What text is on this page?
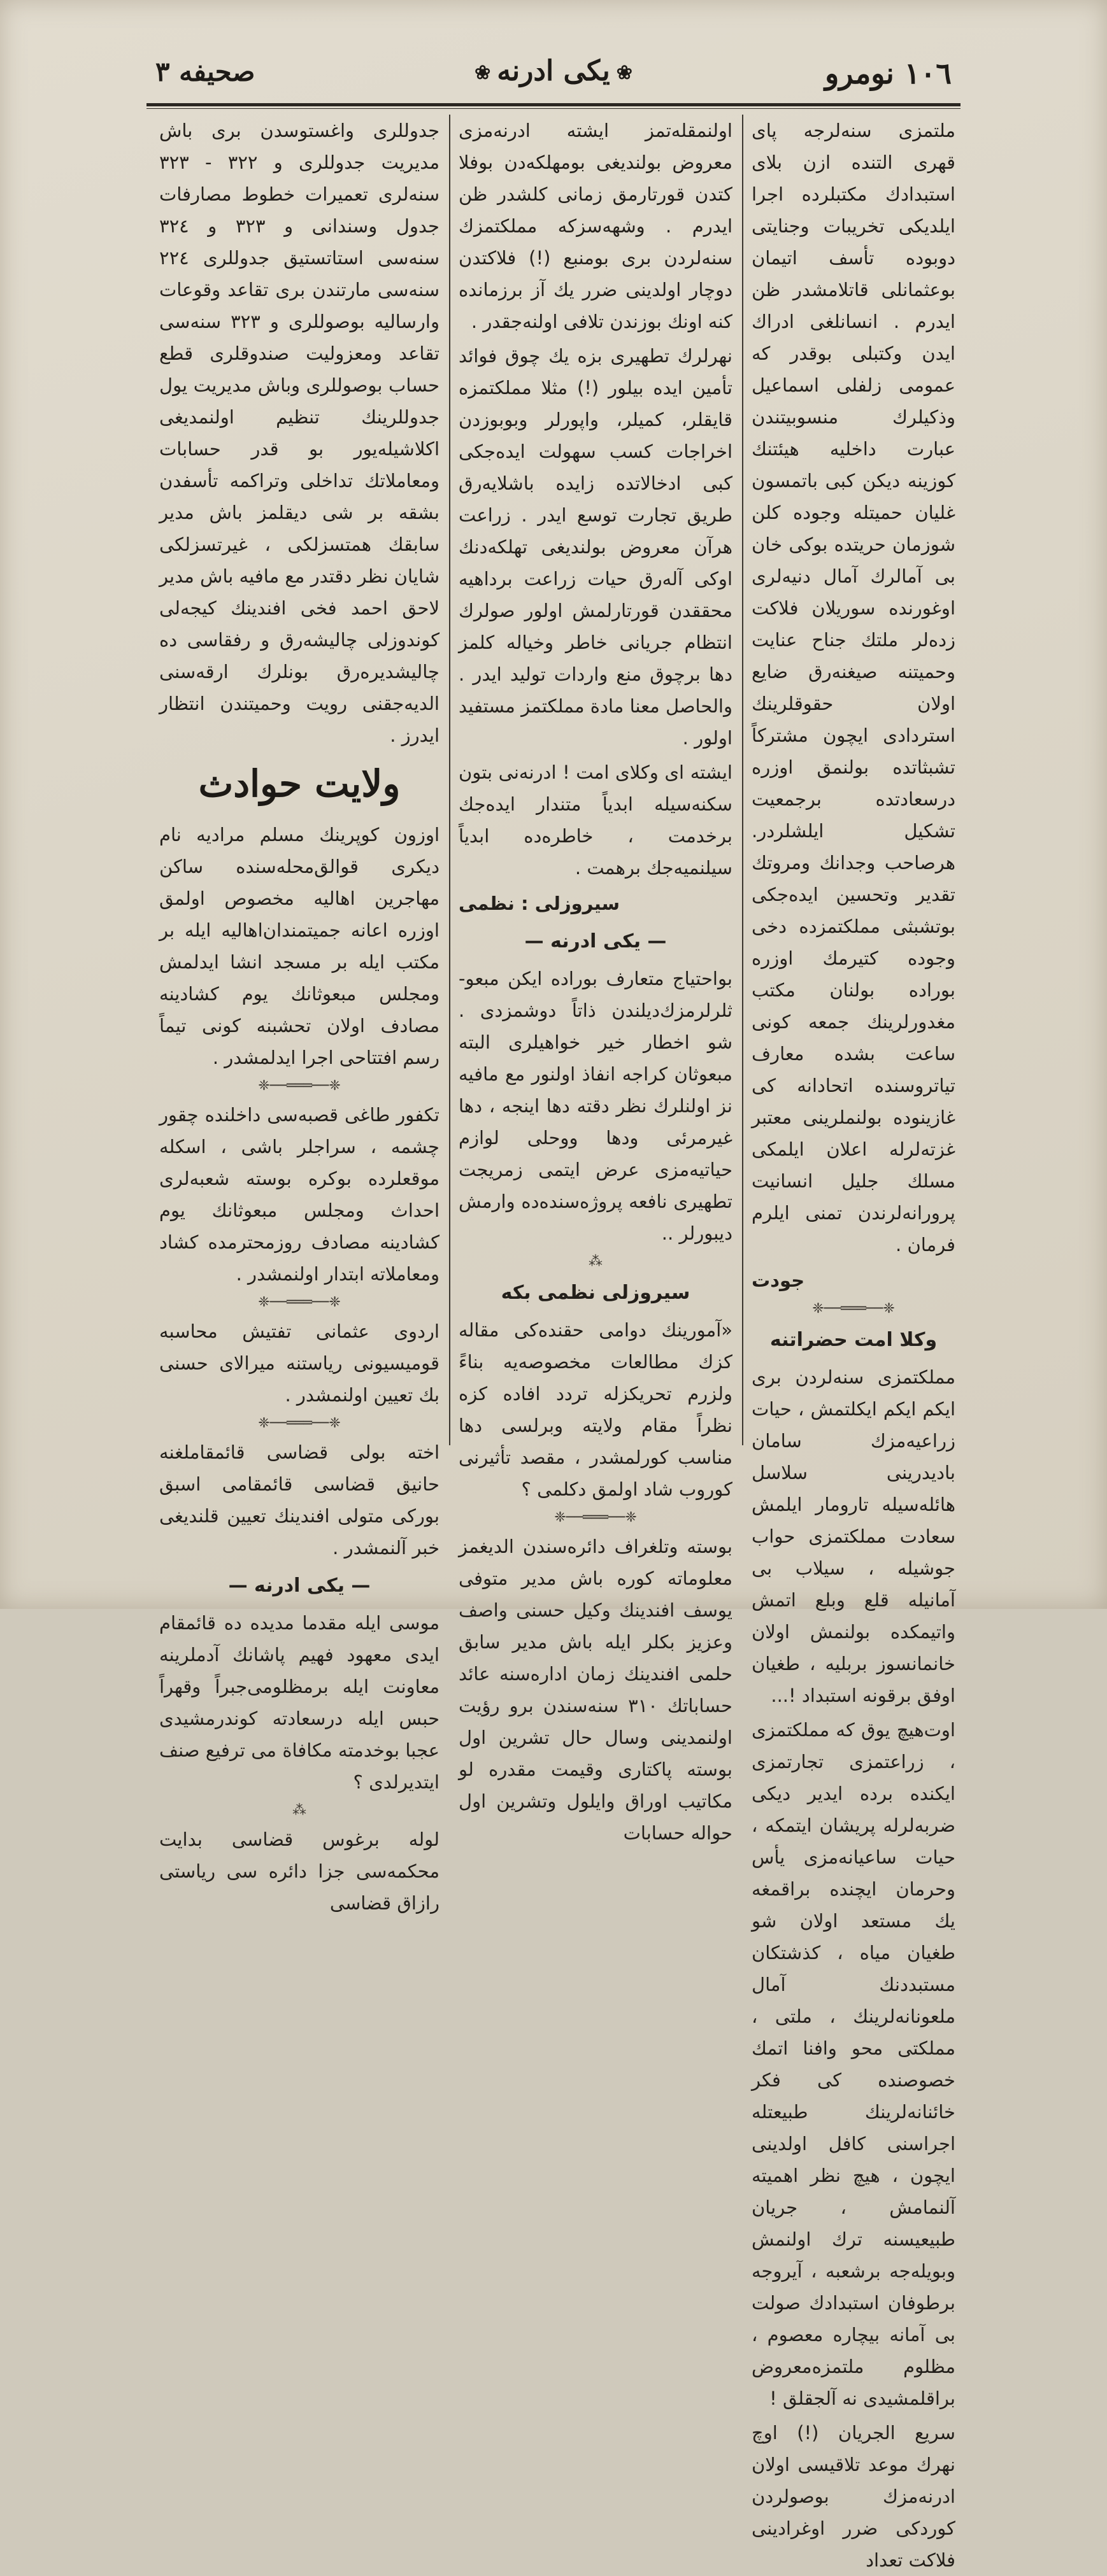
١٠٦ نومرو
❀يكى ادرنه❀
صحيفه ٣

ملتمزى سنه‌لرجه پاى قهرى التنده ازن بلاى استبدادك مكتبلرده اجرا ايلديكى تخريبات وجنايتى دوبوده تأسف اتيمان بوعثمانلى قاتلامشدر ظن ايدرم . انسانلغى ادراك ايدن وكتبلى بوقدر كه عمومى زلفلى اسماعيل وذكيلرك منسوبيتندن عبارت داخليه هيئتنك كوزينه ديكن كبى باتمسون غليان حميتله وجوده كلن شوزمان حريتده بوكى خان بى آمالرك آمال دنيه‌لرى اوغورنده سوريلان فلاكت زده‌لر ملتك جناح عنايت وحميتنه صيغنه‌رق ضايع اولان حقوقلرينك استردادى ايچون مشتركاً تشبثاتده بولنمق اوزره درسعادتده برجمعيت تشكيل ايلشلردر. هرصاحب وجدانك ومروتك تقدير وتحسين ايده‌جكى بوتشبثى مملكتمزده دخى وجوده كتيرمك اوزره بوراده بولنان مكتب مغدورلرينك جمعه كونى ساعت بشده معارف تياتروسنده اتحادانه كى غازينوده بولنملرينى معتبر غزته‌لرله اعلان ايلمكى مسلك جليل انسانيت پرورانه‌لرندن تمنى ايلرم فرمان .

جودت
❈──═══──❈
وكلا امت حضراتنه

مملكتمزى سنه‌لردن برى ايكم ايكم ايكلتمش ، حيات زراعيه‌مزك سامان باديدرينى سلاسل هائله‌سيله تارومار ايلمش سعادت مملكتمزى حواب جوشيله ، سيلاب بى آمانيله قلع وبلع اتمش واتيمكده بولنمش اولان خانمانسوز بربليه ، طغيان اوفق برقونه استبداد !...

اوت‌هيچ يوق كه مملكتمزى ، زراعتمزى تجارتمزى ايكنده برده ايدير ديكى ضربه‌لرله پريشان ايتمكه ، حيات ساعيانه‌مزى يأس وحرمان ايچنده براقمغه يك مستعد اولان شو طغيان مياه ، كذشتكان مستبددنك آمال ملعونانه‌لرينك ، ملتى ، مملكتى محو وافنا اتمك خصوصنده كى فكر خائنانه‌لرينك طبيعتله اجراسنى كافل اولدينى ايچون ، هيچ نظر اهميته آلنمامش ، جريان طبيعيسنه ترك اولنمش وبويله‌جه برشعبه ، آيروجه برطوفان استبدادك صولت بى آمانه بيچاره معصوم ، مظلوم ملتمزه‌معروض براقلمشيدى نه آلجقلق !

سريع الجريان (!) اوچ نهرك موعد تلاقيسى اولان ادرنه‌مزك بوصولردن كوردكى ضرر اوغرادينى فلاكت تعداد

اولنمقله‌تمز ايشته ادرنه‌مزى معروض بولنديغى بومهلكه‌دن بوفلا كتدن قورتارمق زمانى كلشدر ظن ايدرم . وشهه‌سزكه مملكتمزك سنه‌لردن برى بومنبع (!) فلاكتدن دوچار اولدينى ضرر يك آز برزمانده كنه اونك بوزندن تلافى اولنه‌جقدر .

نهرلرك تطهيرى بزه يك چوق فوائد تأمين ايده بيلور (!) مثلا مملكتمزه قايقلر، كميلر، واپورلر وبوبوزدن اخراجات كسب سهولت ايده‌جكى كبى ادخالاتده زايده باشلايه‌رق طريق تجارت توسع ايدر . زراعت هرآن معروض بولنديغى تهلكه‌دنك اوكى آله‌رق حيات زراعت برداهيه محققدن قورتارلمش اولور صولرك انتظام جريانى خاطر وخياله كلمز دها برچوق منع واردات توليد ايدر . والحاصل معنا مادة مملكتمز مستفيد اولور .

ايشته اى وكلاى امت ! ادرنه‌نى بتون سكنه‌سيله ابدياً متندار ايده‌جك برخدمت ، خاطره‌ده ابدياً سيلنميه‌جك برهمت .

سيروزلى : نظمى
— يكى ادرنه —

بواحتياج متعارف بوراده ايكن مبعو- ثلرلرمزك‌ديلندن ذاتاً دوشمزدى . شو اخطار خير خواهيلرى البته مبعوثان كراجه انفاذ اولنور مع مافيه نز اولنلرك نظر دقته دها اينجه ، دها غيرمرئى ودها ووحلى لوازم حياتيه‌مزى عرض ايتمى زمريجت تطهيرى نافعه پروژه‌سنده‌ده وارمش ديبورلر ..

⁂
سيروزلى نظمى بكه

«آمورينك دوامى حقنده‌كى مقاله كزك مطالعات مخصوصه‌يه بناءً ولزرم تحريكزله تردد افاده كزه نظراً مقام ولايته وبرلسى دها مناسب كورلمشدر ، مقصد تأثيرنى كوروب شاد اولمق دكلمى ؟

❈──═══──❈

بوسته وتلغراف دائره‌سندن الديغمز معلوماته كوره باش مدير متوفى يوسف افندينك وكيل حسنى واصف وعزيز بكلر ايله باش مدير سابق حلمى افندينك زمان اداره‌سنه عائد حساباتك ٣١٠ سنه‌سندن برو رؤيت اولنمدينى وسال حال تشرين اول بوسته پاكتارى وقيمت مقدره لو مكاتيب اوراق وايلول وتشرين اول حواله حسابات

جدوللرى واغستوسدن برى باش مديريت جدوللرى و ٣٢٢ - ٣٢٣ سنه‌لرى تعميرات خطوط مصارفات جدول وسندانى و ٣٢٣ و ٣٢٤ سنه‌سى استاتستيق جدوللرى ٢٢٤ سنه‌سى مارتندن برى تقاعد وقوعات وارساليه بوصوللرى و ٣٢٣ سنه‌سى تقاعد ومعزوليت صندوقلرى قطع حساب بوصوللرى وباش مديريت يول جدوللرينك تنظيم اولنمديغى اكلاشيله‌يور بو قدر حسابات ومعاملاتك تداخلى وتراكمه تأسفدن بشقه بر شى ديقلمز باش مدير سابقك همتسزلكى ، غيرتسزلكى شايان نظر دقتدر مع مافيه باش مدير لاحق احمد فخى افندينك كيجه‌لى كوندوزلى چاليشه‌رق و رفقاسى ده چاليشديره‌رق بونلرك ارقه‌سنى الديه‌جقنى رويت وحميتندن انتظار ايدرز .

ولايت حوادث

اوزون كوپرينك مسلم مراديه نام ديكرى قوالق‌محله‌سنده ساكن مهاجرين اهاليه مخصوص اولمق اوزره اعانه‌ جميتمندان‌اهاليه ايله بر مكتب ايله بر مسجد انشا ايدلمش ومجلس مبعوثانك يوم كشادينه مصادف اولان تحشبنه كونى تيماً رسم افتتاحى اجرا ايدلمشدر .

❈──═══──❈

تكفور طاغى قصبه‌سى داخلنده چقور چشمه ، سراجلر باشى ، اسكله موقعلرده بوكره بوسته شعبه‌لرى احداث ومجلس مبعوثانك يوم كشادينه مصادف روزمحترمده كشاد ومعاملاته ابتدار اولنمشدر .

❈──═══──❈

اردوى عثمانى‌ تفتيش محاسبه قوميسيونى رياستنه ميرالاى حسنى بك تعيين اولنمشدر .

❈──═══──❈

اخته بولى قضاسى قائمقاملغنه حانيق قضاسى قائمقامى اسبق بوركى متولى افندينك تعيين قلنديغى خبر آلنمشدر .

— يكى ادرنه —

موسى ايله مقدما مديده ده قائمقام ايدى معهود فهيم پاشانك آدملرينه معاونت ايله برمظلومى‌جبراً وقهراً حبس ايله درسعادته كوندرمشيدى عجبا بوخدمته مكافاة مى ترفيع صنف ايتديرلدى ؟

⁂

لوله برغوس قضاسى بدايت محكمه‌سى جزا دائره سى رياستى رازاق قضاسى
